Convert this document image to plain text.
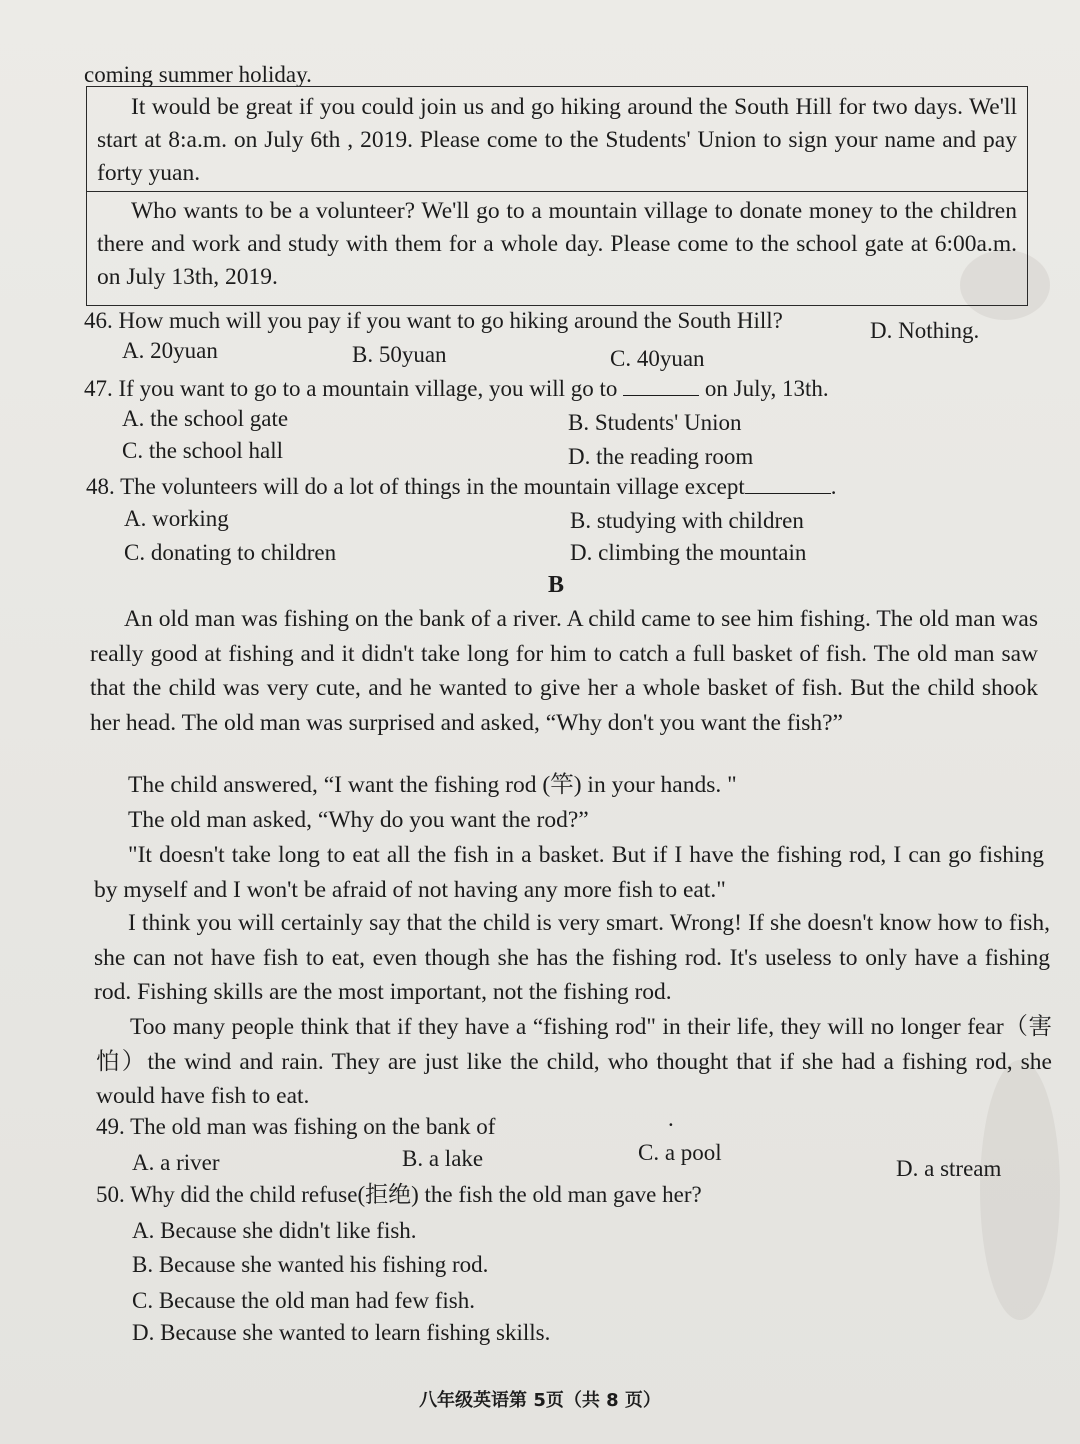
coming summer holiday.
It would be great if you could join us and go hiking around the South Hill for two days. We'll start at 8:a.m. on July 6th , 2019. Please come to the Students' Union to sign your name and pay forty yuan.
Who wants to be a volunteer? We'll go to a mountain village to donate money to the children there and work and study with them for a whole day. Please come to the school gate at 6:00a.m. on July 13th, 2019.
46. How much will you pay if you want to go hiking around the South Hill?
A. 20yuan	B. 50yuan	C. 40yuan
D. Nothing.
47. If you want to go to a mountain village, you will go to	on July, 13th.
A. the school gate	B. Students' Union
C. the school hall	D. the reading room
48. The volunteers will do a lot of things in the mountain village except	.
A. working	B. studying with children
C. donating to children	D. climbing the mountain
B
An old man was fishing on the bank of a river. A child came to see him fishing. The old man was really good at fishing and it didn't take long for him to catch a full basket of fish. The old man saw that the child was very cute, and he wanted to give her a whole basket of fish. But the child shook her head. The old man was surprised and asked, “Why don't you want the fish?”
The child answered, “I want the fishing rod (竿) in your hands. "
The old man asked, “Why do you want the rod?”
"It doesn't take long to eat all the fish in a basket. But if I have the fishing rod, I can go fishing by myself and I won't be afraid of not having any more fish to eat."
I think you will certainly say that the child is very smart. Wrong! If she doesn't know how to fish, she can not have fish to eat, even though she has the fishing rod. It's useless to only have a fishing rod. Fishing skills are the most important, not the fishing rod.
Too many people think that if they have a “fishing rod" in their life, they will no longer fear（害怕）the wind and rain. They are just like the child, who thought that if she had a fishing rod, she would have fish to eat.
49. The old man was fishing on the bank of	.
A. a river	B. a lake	C. a pool
D. a stream
50. Why did the child refuse(拒绝) the fish the old man gave her?
A. Because she didn't like fish.
B. Because she wanted his fishing rod.
C. Because the old man had few fish.
D. Because she wanted to learn fishing skills.
八年级英语第 5页（共 8 页）
